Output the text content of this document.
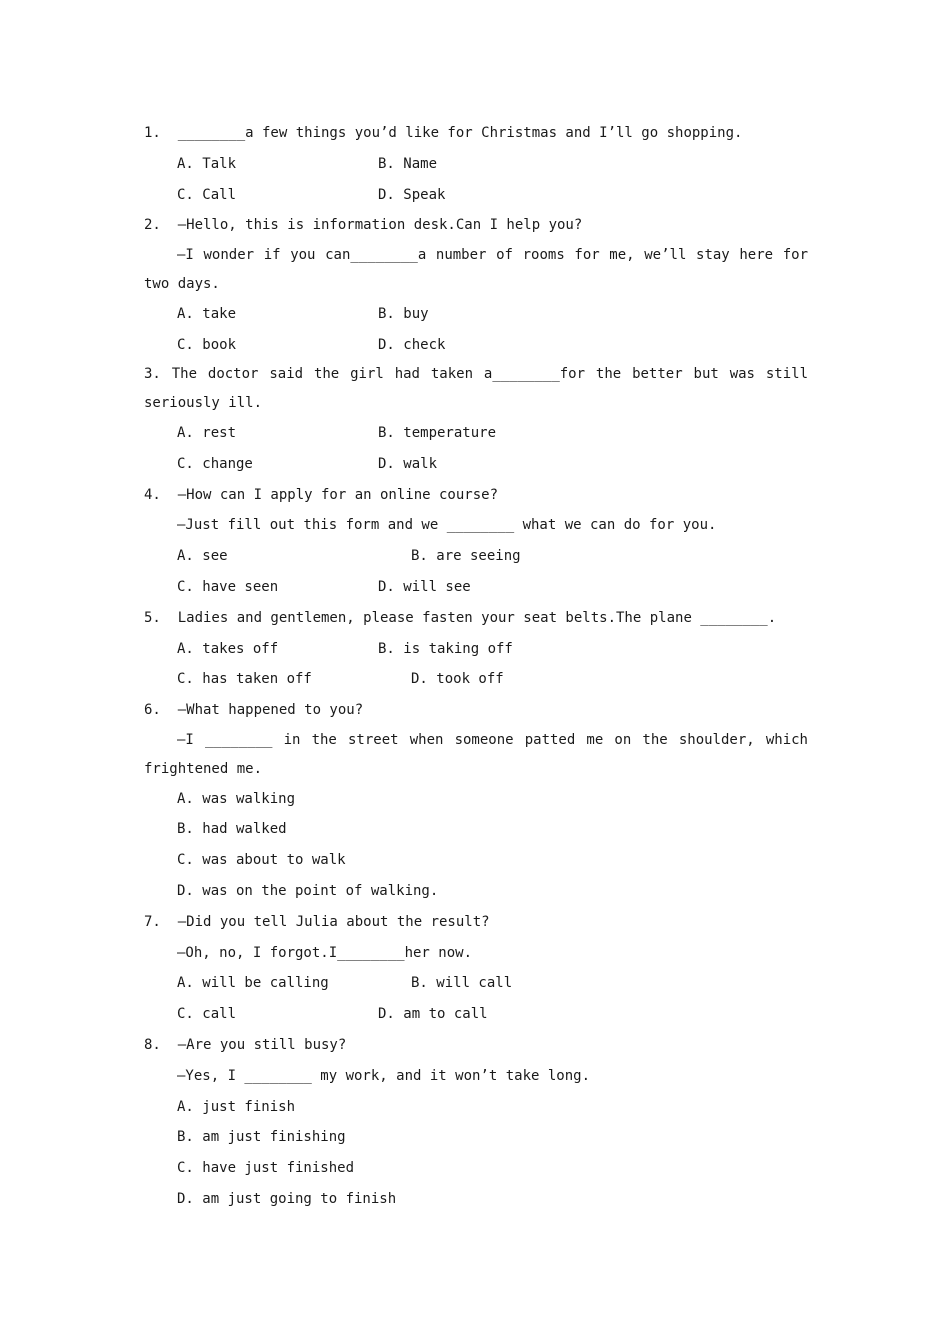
1.  ________a few things you’d like for Christmas and I’ll go shopping.
A. Talk	B. Name
C. Call	D. Speak
2.  —Hello, this is information desk.Can I help you?
—I wonder if you can________a number of rooms for me, we’ll stay here for
two days.
A. take	B. buy
C. book	D. check
3. The doctor said the girl had taken a________for the better but was still
seriously ill.
A. rest	B. temperature
C. change	D. walk
4.  —How can I apply for an online course?
—Just fill out this form and we ________ what we can do for you.
A. see	B. are seeing
C. have seen	D. will see
5.  Ladies and gentlemen, please fasten your seat belts.The plane ________.
A. takes off	B. is taking off
C. has taken off	D. took off
6.  —What happened to you?
—I ________ in the street when someone patted me on the shoulder, which
frightened me.
A. was walking
B. had walked
C. was about to walk
D. was on the point of walking.
7.  —Did you tell Julia about the result?
—Oh, no, I forgot.I________her now.
A. will be calling	B. will call
C. call	D. am to call
8.  —Are you still busy?
—Yes, I ________ my work, and it won’t take long.
A. just finish
B. am just finishing
C. have just finished
D. am just going to finish
